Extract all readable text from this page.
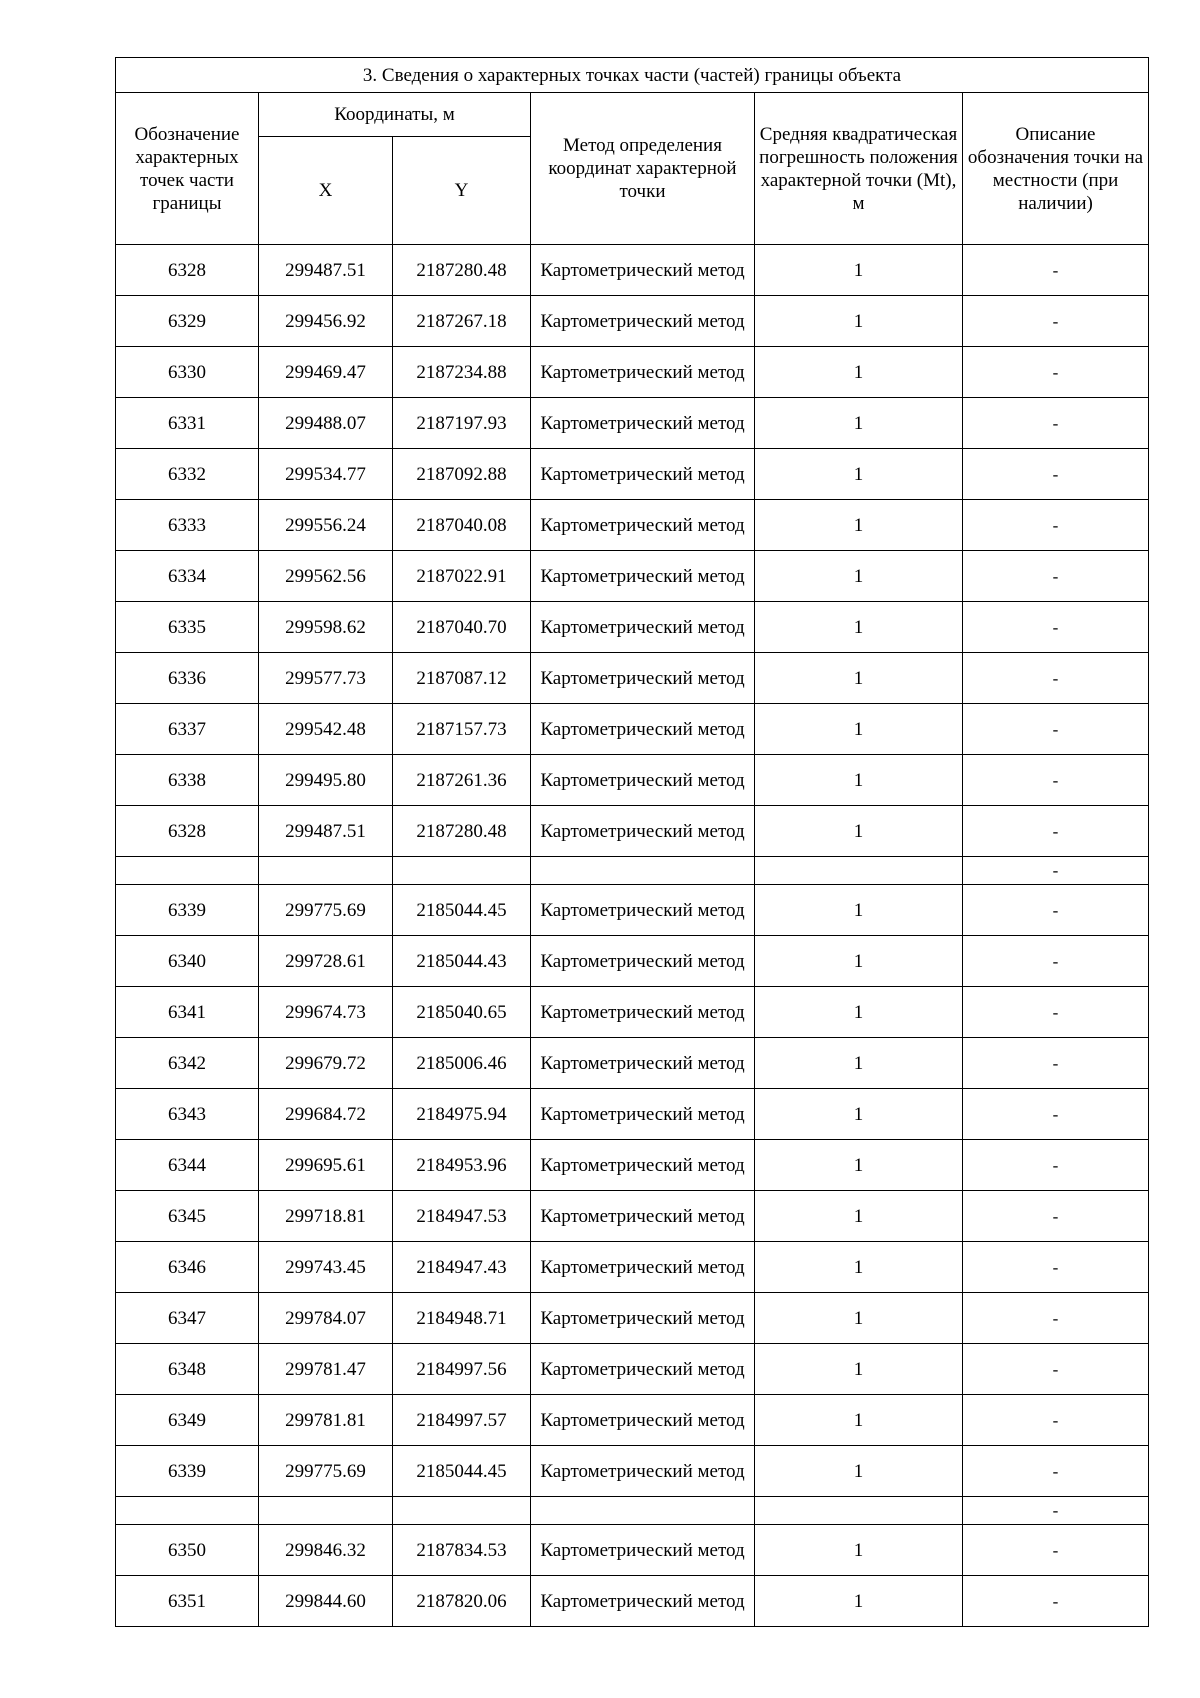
3. Сведения о характерных точках части (частей) границы объекта					
Обозначение характерных точек части границы	Координаты, м		Метод определения координат характерной точки	Средняя квадратическая погрешность положения характерной точки (Mt), м	Описание обозначения точки на местности (при наличии)
	X	Y			
6328	299487.51	2187280.48	Картометрический метод	1	-
6329	299456.92	2187267.18	Картометрический метод	1	-
6330	299469.47	2187234.88	Картометрический метод	1	-
6331	299488.07	2187197.93	Картометрический метод	1	-
6332	299534.77	2187092.88	Картометрический метод	1	-
6333	299556.24	2187040.08	Картометрический метод	1	-
6334	299562.56	2187022.91	Картометрический метод	1	-
6335	299598.62	2187040.70	Картометрический метод	1	-
6336	299577.73	2187087.12	Картометрический метод	1	-
6337	299542.48	2187157.73	Картометрический метод	1	-
6338	299495.80	2187261.36	Картометрический метод	1	-
6328	299487.51	2187280.48	Картометрический метод	1	-
					-
6339	299775.69	2185044.45	Картометрический метод	1	-
6340	299728.61	2185044.43	Картометрический метод	1	-
6341	299674.73	2185040.65	Картометрический метод	1	-
6342	299679.72	2185006.46	Картометрический метод	1	-
6343	299684.72	2184975.94	Картометрический метод	1	-
6344	299695.61	2184953.96	Картометрический метод	1	-
6345	299718.81	2184947.53	Картометрический метод	1	-
6346	299743.45	2184947.43	Картометрический метод	1	-
6347	299784.07	2184948.71	Картометрический метод	1	-
6348	299781.47	2184997.56	Картометрический метод	1	-
6349	299781.81	2184997.57	Картометрический метод	1	-
6339	299775.69	2185044.45	Картометрический метод	1	-
					-
6350	299846.32	2187834.53	Картометрический метод	1	-
6351	299844.60	2187820.06	Картометрический метод	1	-
